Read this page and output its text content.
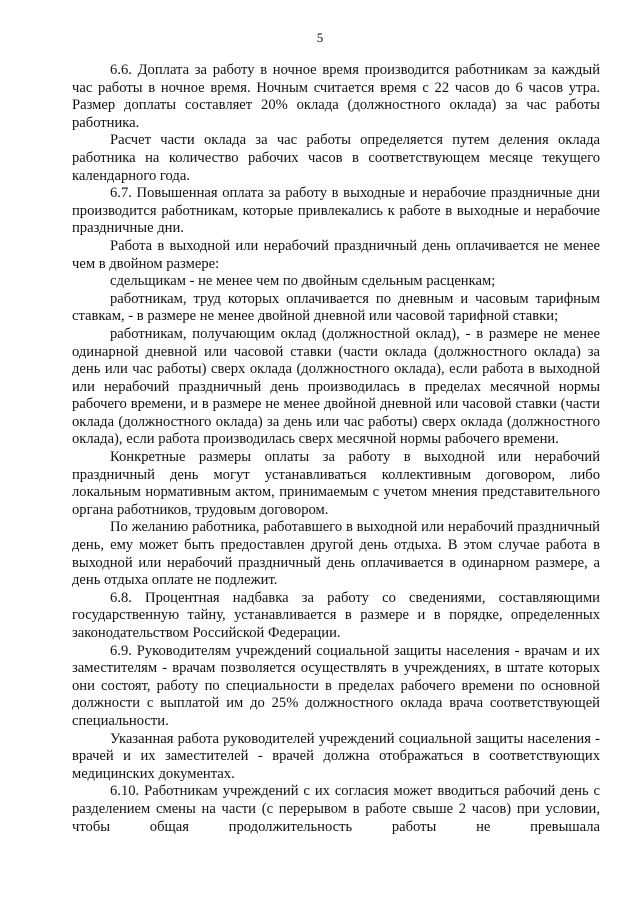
5

6.6. Доплата за работу в ночное время производится работникам за каждый час работы в ночное время. Ночным считается время с 22 часов до 6 часов утра. Размер доплаты составляет 20% оклада (должностного оклада) за час работы работника.

Расчет части оклада за час работы определяется путем деления оклада работника на количество рабочих часов в соответствующем месяце текущего календарного года.

6.7. Повышенная оплата за работу в выходные и нерабочие праздничные дни производится работникам, которые привлекались к работе в выходные и нерабочие праздничные дни.

Работа в выходной или нерабочий праздничный день оплачивается не менее чем в двойном размере:

сдельщикам - не менее чем по двойным сдельным расценкам;

работникам, труд которых оплачивается по дневным и часовым тарифным ставкам, - в размере не менее двойной дневной или часовой тарифной ставки;

работникам, получающим оклад (должностной оклад), - в размере не менее одинарной дневной или часовой ставки (части оклада (должностного оклада) за день или час работы) сверх оклада (должностного оклада), если работа в выходной или нерабочий праздничный день производилась в пределах месячной нормы рабочего времени, и в размере не менее двойной дневной или часовой ставки (части оклада (должностного оклада) за день или час работы) сверх оклада (должностного оклада), если работа производилась сверх месячной нормы рабочего времени.

Конкретные размеры оплаты за работу в выходной или нерабочий праздничный день могут устанавливаться коллективным договором, либо локальным нормативным актом, принимаемым с учетом мнения представительного органа работников, трудовым договором.

По желанию работника, работавшего в выходной или нерабочий праздничный день, ему может быть предоставлен другой день отдыха. В этом случае работа в выходной или нерабочий праздничный день оплачивается в одинарном размере, а день отдыха оплате не подлежит.

6.8. Процентная надбавка за работу со сведениями, составляющими государственную тайну, устанавливается в размере и в порядке, определенных законодательством Российской Федерации.

6.9. Руководителям учреждений социальной защиты населения - врачам и их заместителям - врачам позволяется осуществлять в учреждениях, в штате которых они состоят, работу по специальности в пределах рабочего времени по основной должности с выплатой им до 25% должностного оклада врача соответствующей специальности.

Указанная работа руководителей учреждений социальной защиты населения - врачей и их заместителей - врачей должна отображаться в соответствующих медицинских документах.

6.10. Работникам учреждений с их согласия может вводиться рабочий день с разделением смены на части (с перерывом в работе свыше 2 часов) при условии, чтобы общая продолжительность работы не превышала
